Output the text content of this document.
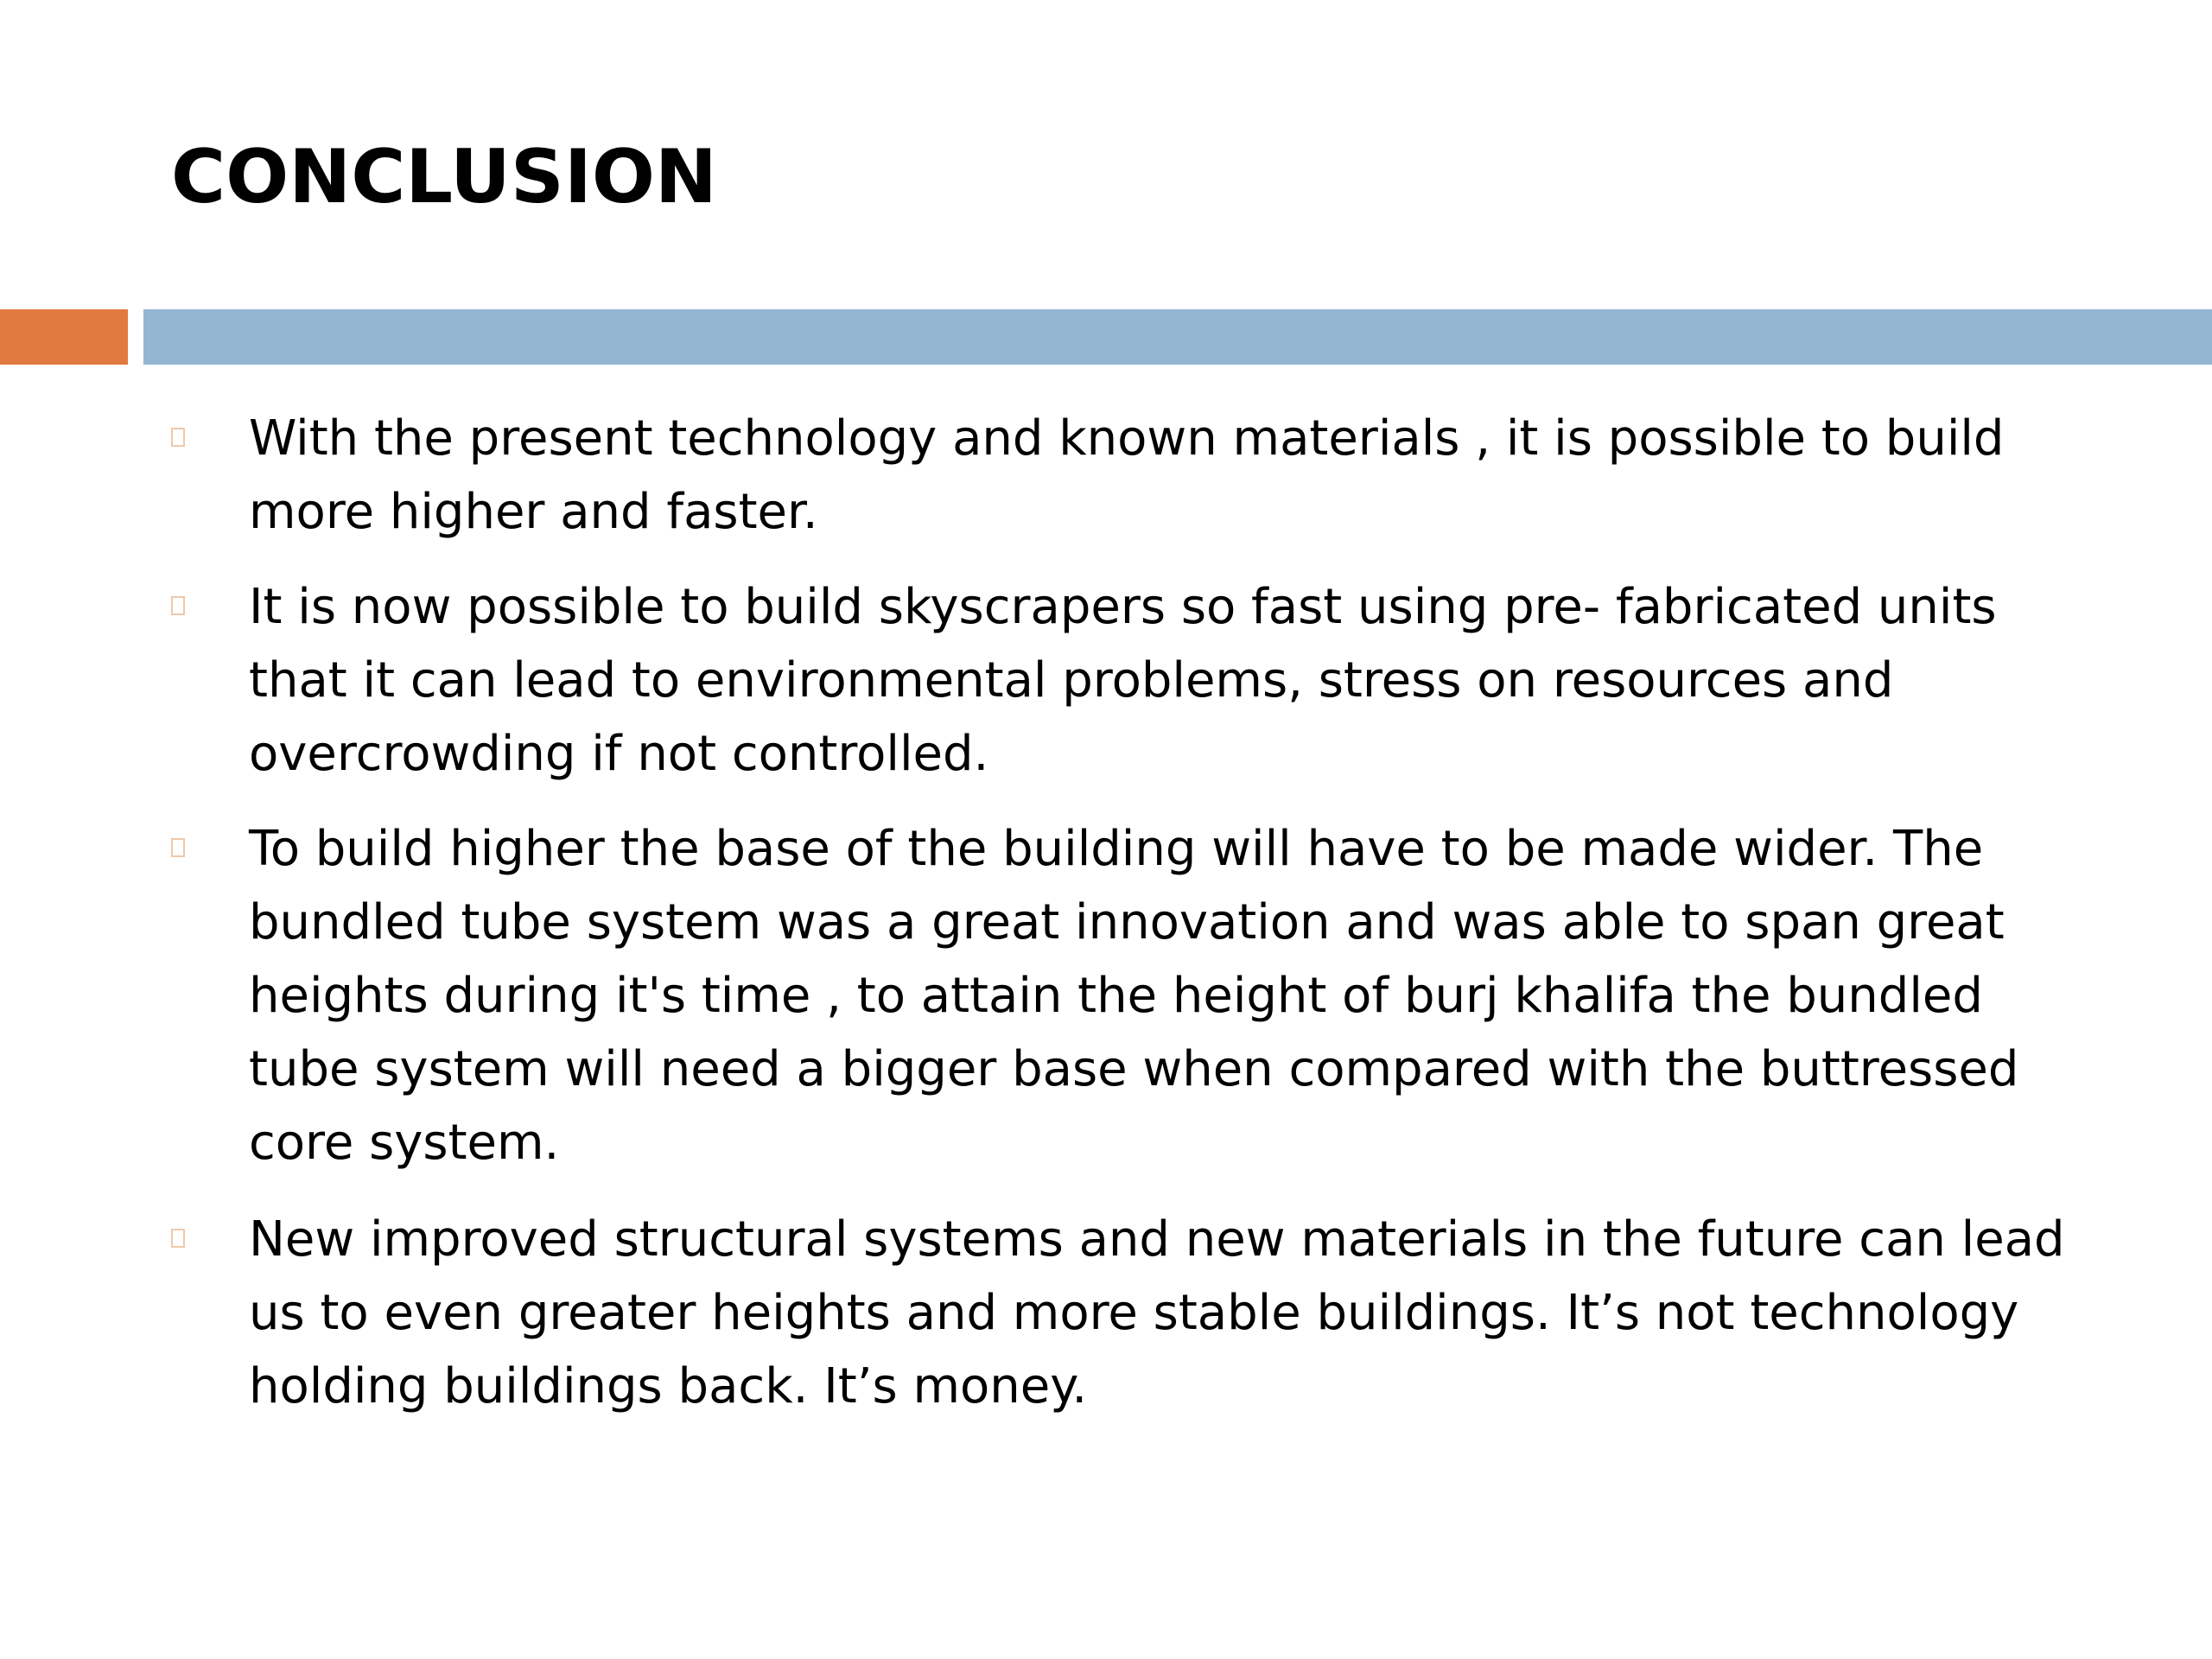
CONCLUSION

With the present technology and known materials , it is possible to build more higher and faster.

It is now possible to build skyscrapers so fast using pre- fabricated units that it can lead to environmental problems, stress on resources and overcrowding if not controlled.

To build higher the base of the building will have to be made wider. The bundled tube system was a great innovation and was able to span great heights during it's time , to attain the height of burj khalifa the bundled tube system will need a bigger base when compared with the buttressed core system.

New improved structural systems and new materials in the future can lead us to even greater heights and more stable buildings. It’s not technology holding buildings back. It’s money.
